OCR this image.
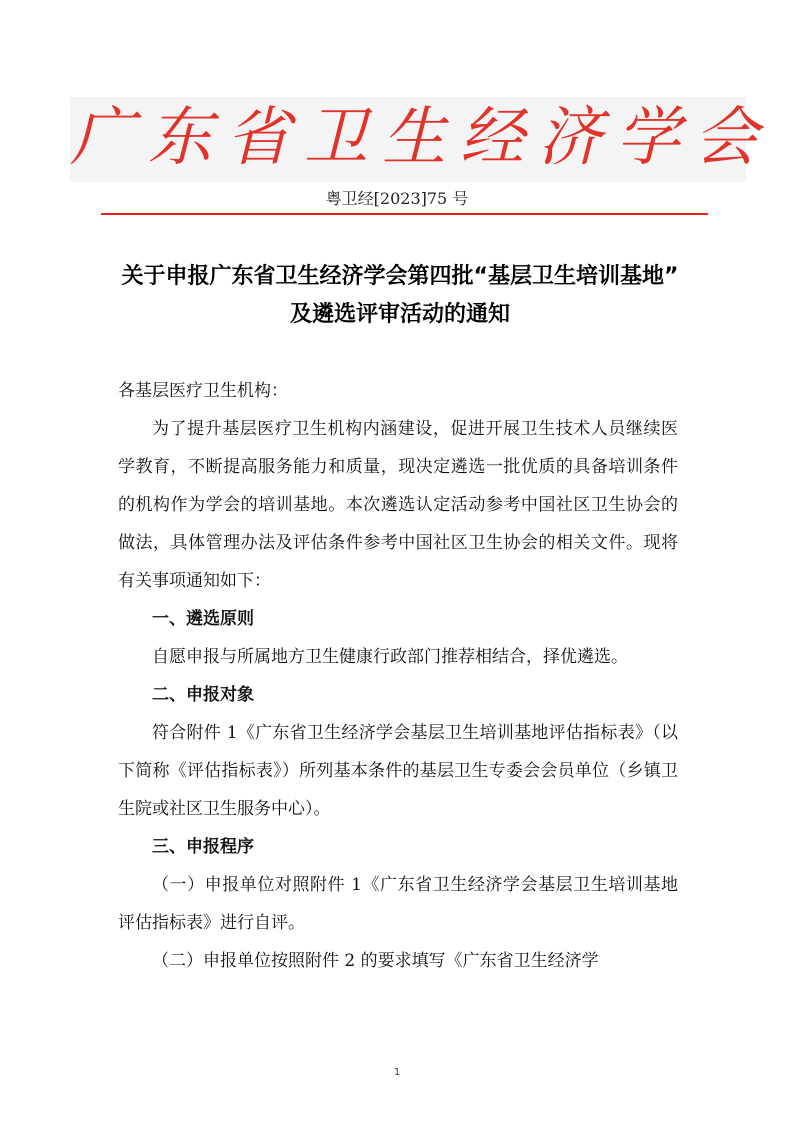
广东省卫生经济学会
粤卫经[2023]75 号
关于申报广东省卫生经济学会第四批“基层卫生培训基地” 及遴选评审活动的通知
各基层医疗卫生机构：

为了提升基层医疗卫生机构内涵建设，促进开展卫生技术人员继续医学教育，不断提高服务能力和质量，现决定遴选一批优质的具备培训条件的机构作为学会的培训基地。本次遴选认定活动参考中国社区卫生协会的做法，具体管理办法及评估条件参考中国社区卫生协会的相关文件。现将有关事项通知如下：

一、遴选原则

自愿申报与所属地方卫生健康行政部门推荐相结合，择优遴选。

二、申报对象

符合附件 1《广东省卫生经济学会基层卫生培训基地评估指标表》（以下简称《评估指标表》）所列基本条件的基层卫生专委会会员单位（乡镇卫生院或社区卫生服务中心）。

三、申报程序

（一）申报单位对照附件 1《广东省卫生经济学会基层卫生培训基地评估指标表》进行自评。

（二）申报单位按照附件 2 的要求填写《广东省卫生经济学

1
